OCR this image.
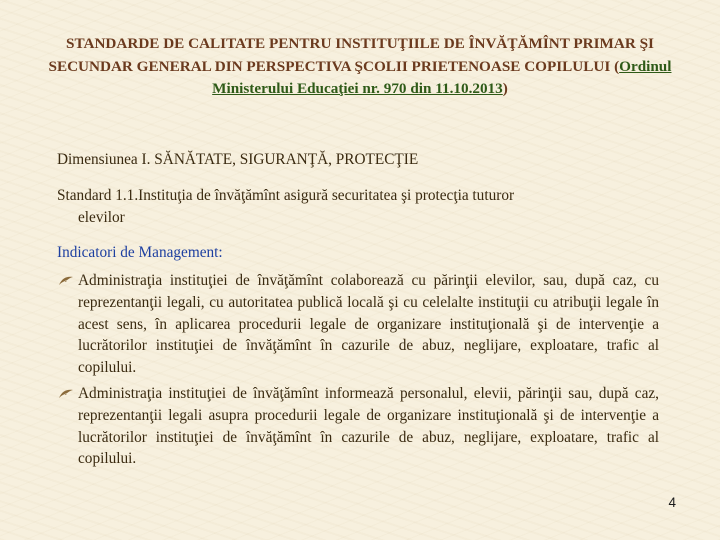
STANDARDE DE CALITATE PENTRU INSTITUŢIILE DE ÎNVĂŢĂMÎNT PRIMAR ŞI SECUNDAR GENERAL DIN PERSPECTIVA ŞCOLII PRIETENOASE COPILULUI (Ordinul Ministerului Educaţiei nr. 970 din 11.10.2013)
Dimensiunea I. SĂNĂTATE, SIGURANŢĂ, PROTECŢIE
Standard 1.1.Instituţia de învăţămînt asigură securitatea şi protecţia tuturor
elevilor
Indicatori de Management:
Administraţia instituţiei de învăţămînt colaborează cu părinţii elevilor, sau, după caz, cu reprezentanţii legali, cu autoritatea publică locală şi cu celelalte instituţii cu atribuţii legale în acest sens, în aplicarea procedurii legale de organizare instituţională şi de intervenţie a lucrătorilor instituţiei de învăţămînt în cazurile de abuz, neglijare, exploatare, trafic al copilului.
Administraţia instituţiei de învăţămînt informează personalul, elevii, părinţii sau, după caz, reprezentanţii legali asupra procedurii legale de organizare instituţională şi de intervenţie a lucrătorilor instituţiei de învăţămînt în cazurile de abuz, neglijare, exploatare, trafic al copilului.
4
